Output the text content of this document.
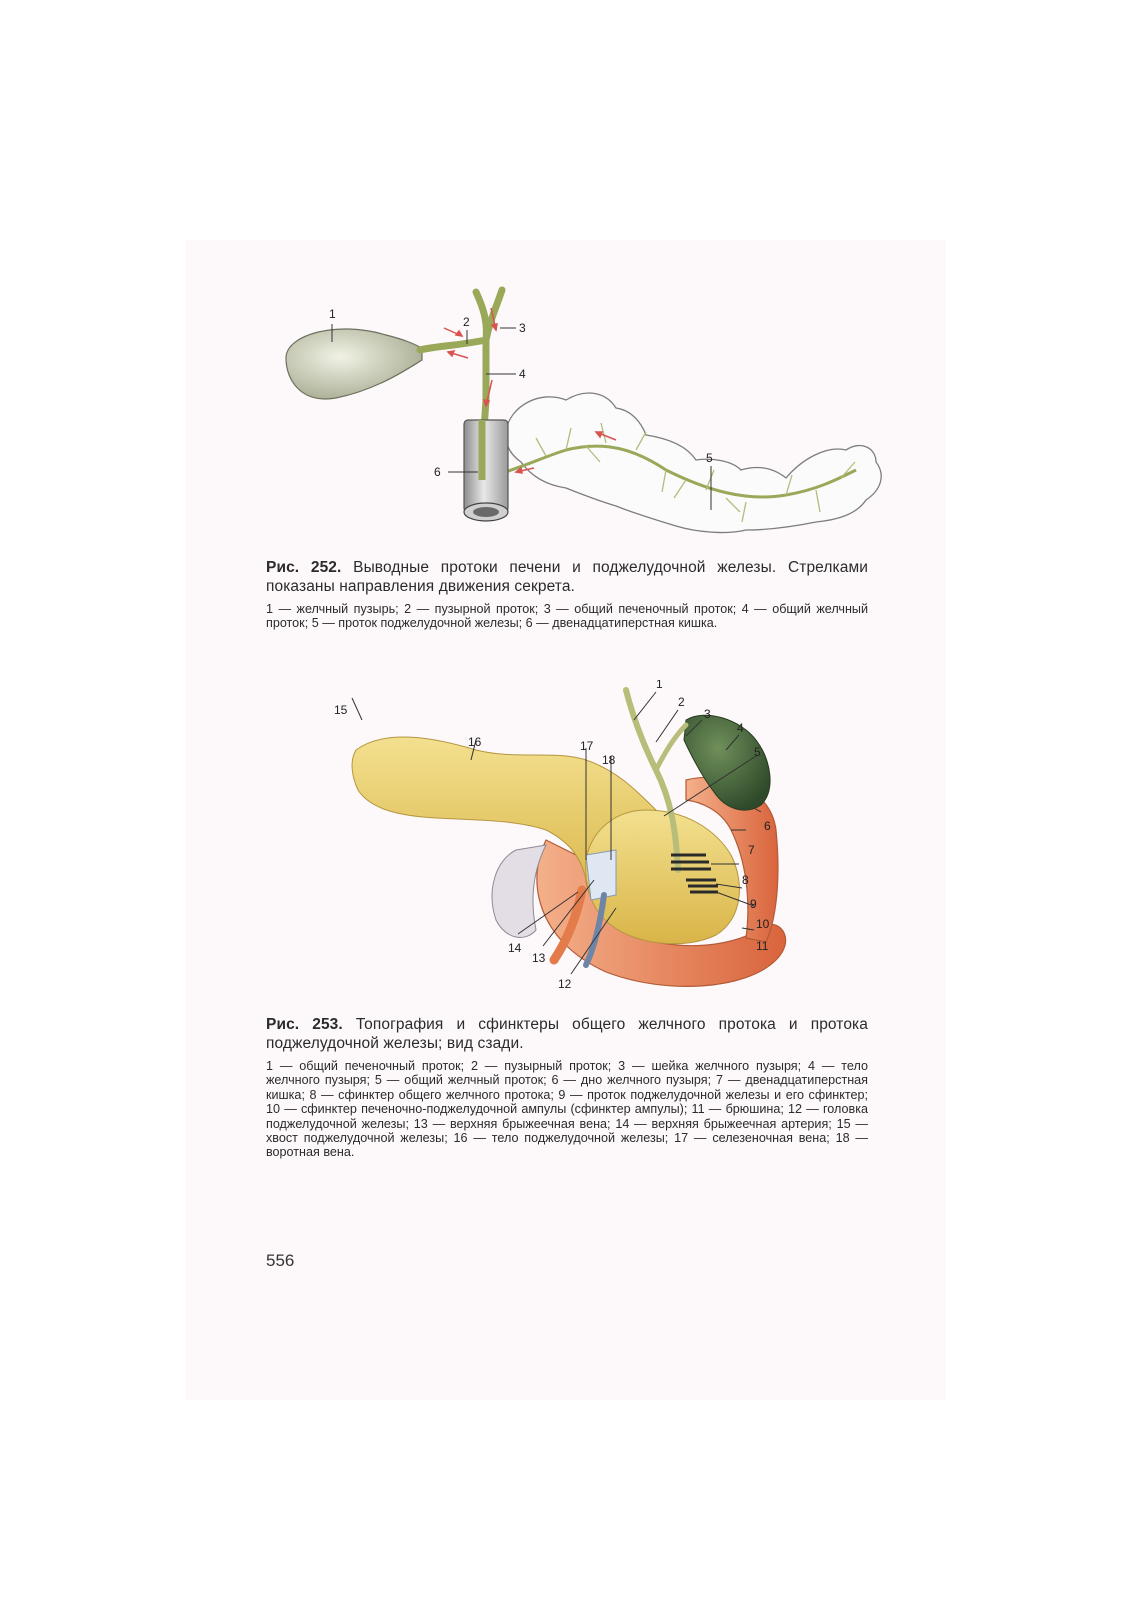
1
2	3
4
5
6
Рис. 252. Выводные протоки печени и поджелудочной железы. Стрелками показаны направления движения секрета.
1 — желчный пузырь; 2 — пузырной проток; 3 — общий печеночный проток; 4 — общий желчный проток; 5 — проток поджелудочной железы; 6 — двенадцатиперстная кишка.
1
2
3
4
5
6
7
8
9
10
11
12
13
14
15
16	17
18
Рис. 253. Топография и сфинктеры общего желчного протока и протока поджелудочной железы; вид сзади.
1 — общий печеночный проток; 2 — пузырный проток; 3 — шейка желчного пузыря; 4 — тело желчного пузыря; 5 — общий желчный проток; 6 — дно желчного пузыря; 7 — двенадцатиперстная кишка; 8 — сфинктер общего желчного протока; 9 — проток поджелудочной железы и его сфинктер; 10 — сфинктер печеночно-поджелудочной ампулы (сфинктер ампулы); 11 — брюшина; 12 — головка поджелудочной железы; 13 — верхняя брыжеечная вена; 14 — верхняя брыжеечная артерия; 15 — хвост поджелудочной железы; 16 — тело поджелудочной железы; 17 — селезеночная вена; 18 — воротная вена.
556
